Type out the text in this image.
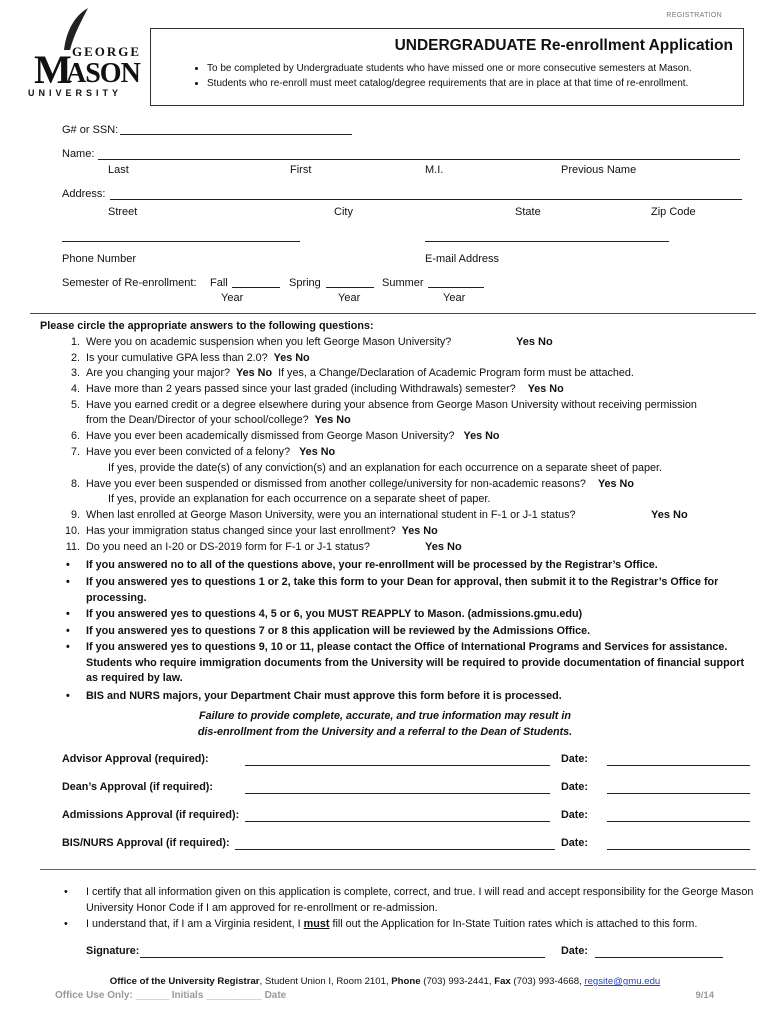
REGISTRATION
M GEORGE
ASON
UNIVERSITY
UNDERGRADUATE Re-enrollment Application
• To be completed by Undergraduate students who have missed one or more consecutive semesters at Mason.
• Students who re-enroll must meet catalog/degree requirements that are in place at that time of re-enrollment.
G# or SSN:
Name:
Last	First	M.I.	Previous Name
Address:
Street	City	State	Zip Code
Phone Number	E-mail Address
Semester of Re-enrollment: Fall	Spring	Summer
Year	Year	Year
Please circle the appropriate answers to the following questions:
1. Were you on academic suspension when you left George Mason University?	Yes No
2. Is your cumulative GPA less than 2.0? Yes No
3. Are you changing your major? Yes No If yes, a Change/Declaration of Academic Program form must be attached.
4. Have more than 2 years passed since your last graded (including Withdrawals) semester? Yes No
5. Have you earned credit or a degree elsewhere during your absence from George Mason University without receiving permission
from the Dean/Director of your school/college? Yes No
6. Have you ever been academically dismissed from George Mason University? Yes No
7. Have you ever been convicted of a felony? Yes No
If yes, provide the date(s) of any conviction(s) and an explanation for each occurrence on a separate sheet of paper.
8. Have you ever been suspended or dismissed from another college/university for non-academic reasons? Yes No
If yes, provide an explanation for each occurrence on a separate sheet of paper.
9. When last enrolled at George Mason University, were you an international student in F-1 or J-1 status?	Yes No
10. Has your immigration status changed since your last enrollment? Yes No
11. Do you need an I-20 or DS-2019 form for F-1 or J-1 status?	Yes No
• If you answered no to all of the questions above, your re-enrollment will be processed by the Registrar’s Office.
• If you answered yes to questions 1 or 2, take this form to your Dean for approval, then submit it to the Registrar’s Office for processing.
• If you answered yes to questions 4, 5 or 6, you MUST REAPPLY to Mason. (admissions.gmu.edu)
• If you answered yes to questions 7 or 8 this application will be reviewed by the Admissions Office.
• If you answered yes to questions 9, 10 or 11, please contact the Office of International Programs and Services for assistance. Students who require immigration documents from the University will be required to provide documentation of financial support as required by law.
• BIS and NURS majors, your Department Chair must approve this form before it is processed.
Failure to provide complete, accurate, and true information may result in
dis-enrollment from the University and a referral to the Dean of Students.
Advisor Approval (required):	Date:
Dean’s Approval (if required):	Date:
Admissions Approval (if required):	Date:
BIS/NURS Approval (if required):	Date:
• I certify that all information given on this application is complete, correct, and true. I will read and accept responsibility for the George Mason University Honor Code if I am approved for re-enrollment or re-admission.
• I understand that, if I am a Virginia resident, I must fill out the Application for In-State Tuition rates which is attached to this form.
Signature:	Date:
Office of the University Registrar, Student Union I, Room 2101, Phone (703) 993-2441, Fax (703) 993-4668, regsite@gmu.edu
Office Use Only: ______ Initials __________ Date	9/14
